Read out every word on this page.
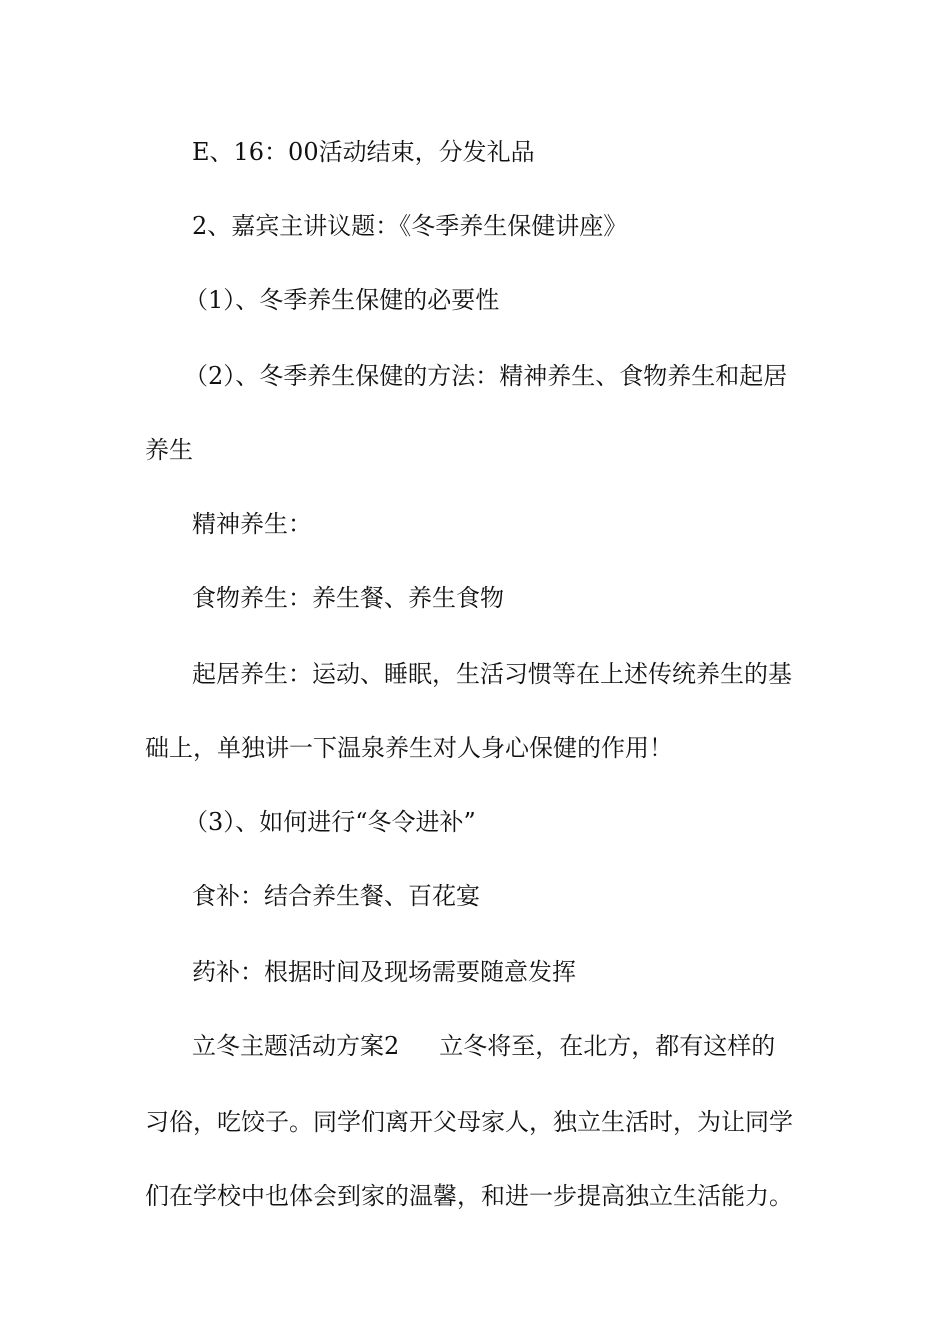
E、16：00活动结束，分发礼品
2、嘉宾主讲议题：《冬季养生保健讲座》
（1）、冬季养生保健的必要性
（2）、冬季养生保健的方法：精神养生、食物养生和起居
养生
精神养生：
食物养生：养生餐、养生食物
起居养生：运动、睡眠，生活习惯等在上述传统养生的基
础上，单独讲一下温泉养生对人身心保健的作用！
（3）、如何进行“冬令进补”
食补：结合养生餐、百花宴
药补：根据时间及现场需要随意发挥
立冬主题活动方案2 立冬将至，在北方，都有这样的
习俗，吃饺子。同学们离开父母家人，独立生活时，为让同学
们在学校中也体会到家的温馨，和进一步提高独立生活能力。
